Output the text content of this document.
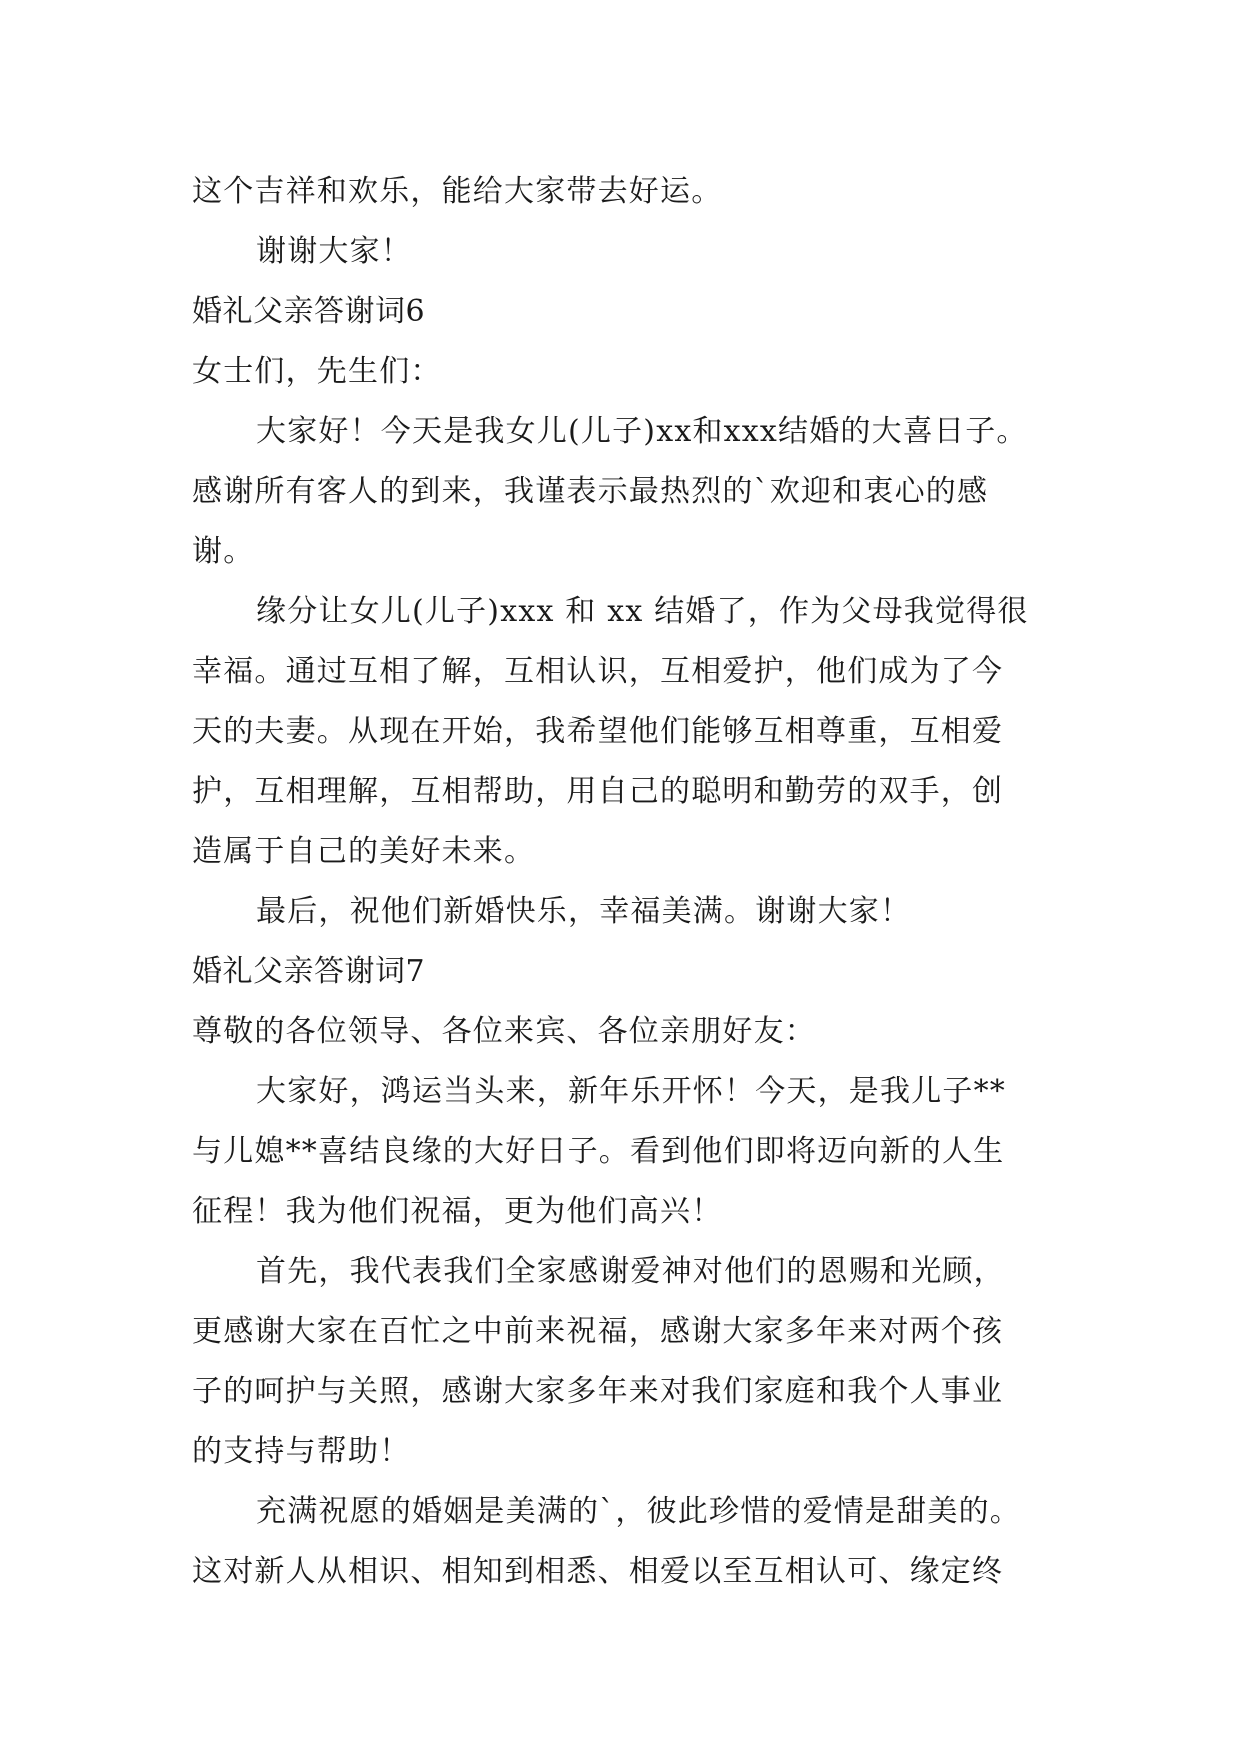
这个吉祥和欢乐，能给大家带去好运。
谢谢大家！
婚礼父亲答谢词6
女士们，先生们：
大家好！今天是我女儿(儿子)xx和xxx结婚的大喜日子。
感谢所有客人的到来，我谨表示最热烈的`欢迎和衷心的感
谢。
缘分让女儿(儿子)xxx 和 xx 结婚了，作为父母我觉得很
幸福。通过互相了解，互相认识，互相爱护，他们成为了今
天的夫妻。从现在开始，我希望他们能够互相尊重，互相爱
护，互相理解，互相帮助，用自己的聪明和勤劳的双手，创
造属于自己的美好未来。
最后，祝他们新婚快乐，幸福美满。谢谢大家！
婚礼父亲答谢词7
尊敬的各位领导、各位来宾、各位亲朋好友：
大家好，鸿运当头来，新年乐开怀！今天，是我儿子**
与儿媳**喜结良缘的大好日子。看到他们即将迈向新的人生
征程！我为他们祝福，更为他们高兴！
首先，我代表我们全家感谢爱神对他们的恩赐和光顾，
更感谢大家在百忙之中前来祝福，感谢大家多年来对两个孩
子的呵护与关照，感谢大家多年来对我们家庭和我个人事业
的支持与帮助！
充满祝愿的婚姻是美满的`，彼此珍惜的爱情是甜美的。
这对新人从相识、相知到相悉、相爱以至互相认可、缘定终
